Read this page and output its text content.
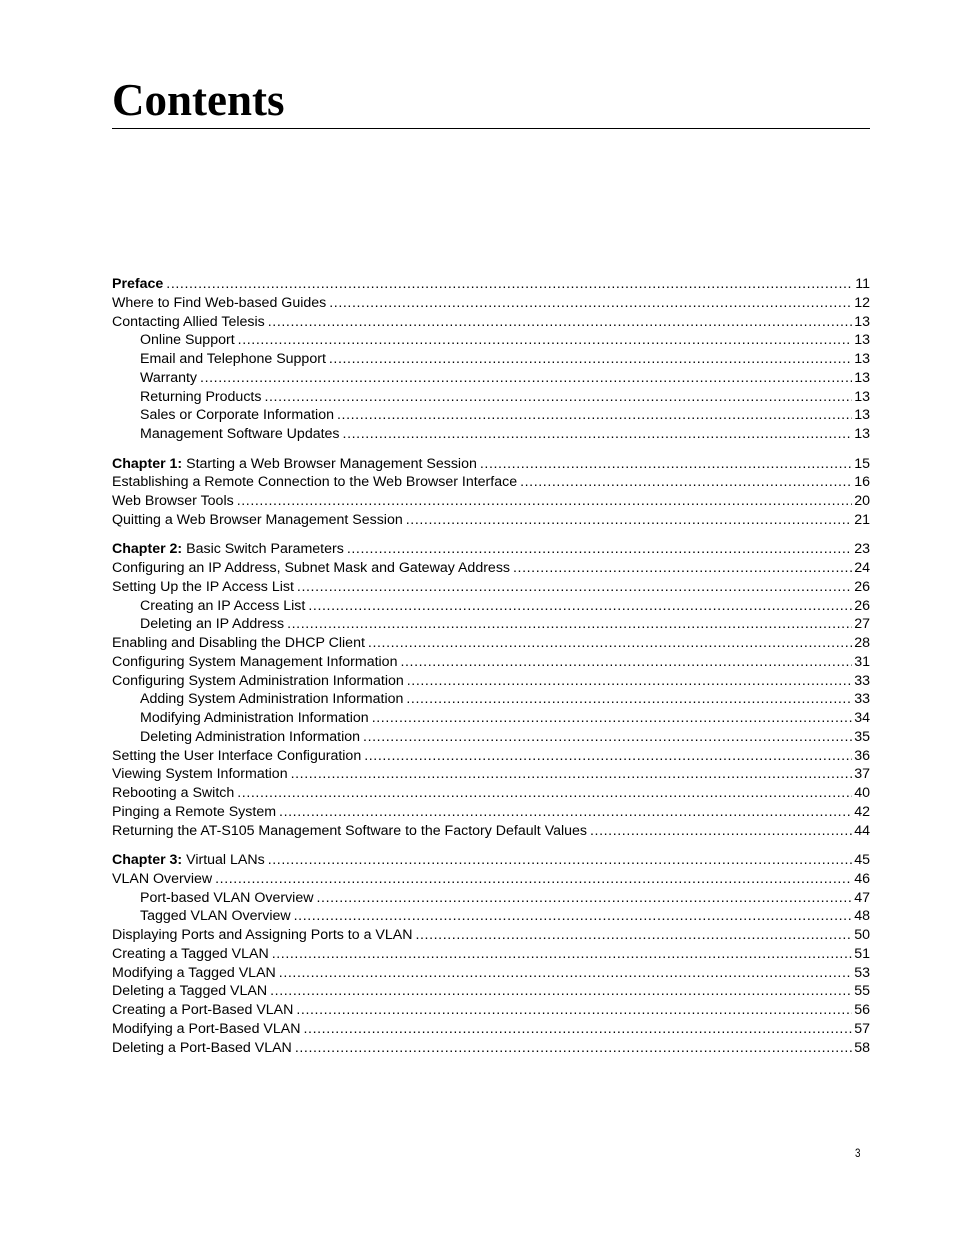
Contents
Preface .....	11
Where to Find Web-based Guides .....	12
Contacting Allied Telesis .....	13
Online Support .....	13
Email and Telephone Support .....	13
Warranty .....	13
Returning Products .....	13
Sales or Corporate Information .....	13
Management Software Updates .....	13
Chapter 1: Starting a Web Browser Management Session .....	15
Establishing a Remote Connection to the Web Browser Interface .....	16
Web Browser Tools .....	20
Quitting a Web Browser Management Session .....	21
Chapter 2: Basic Switch Parameters .....	23
Configuring an IP Address, Subnet Mask and Gateway Address .....	24
Setting Up the IP Access List .....	26
Creating an IP Access List .....	26
Deleting an IP Address .....	27
Enabling and Disabling the DHCP Client .....	28
Configuring System Management Information .....	31
Configuring System Administration Information .....	33
Adding System Administration Information .....	33
Modifying Administration Information .....	34
Deleting Administration Information .....	35
Setting the User Interface Configuration .....	36
Viewing System Information .....	37
Rebooting a Switch .....	40
Pinging a Remote System .....	42
Returning the AT-S105 Management Software to the Factory Default Values .....	44
Chapter 3: Virtual LANs .....	45
VLAN Overview .....	46
Port-based VLAN Overview .....	47
Tagged VLAN Overview .....	48
Displaying Ports and Assigning Ports to a VLAN .....	50
Creating a Tagged VLAN .....	51
Modifying a Tagged VLAN .....	53
Deleting a Tagged VLAN .....	55
Creating a Port-Based VLAN .....	56
Modifying a Port-Based VLAN .....	57
Deleting a Port-Based VLAN .....	58
3
